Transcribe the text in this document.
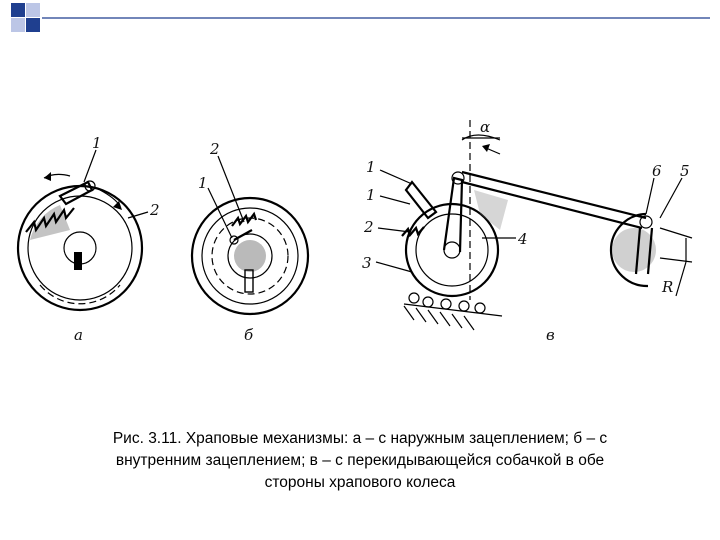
а	б	в
1
2
2
1
1
1
2
3
4
6 5
α
R
Рис. 3.11. Храповые механизмы: а – с наружным зацеплением; б – с
внутренним зацеплением; в – с перекидывающейся собачкой в обе
стороны храпового колеса
